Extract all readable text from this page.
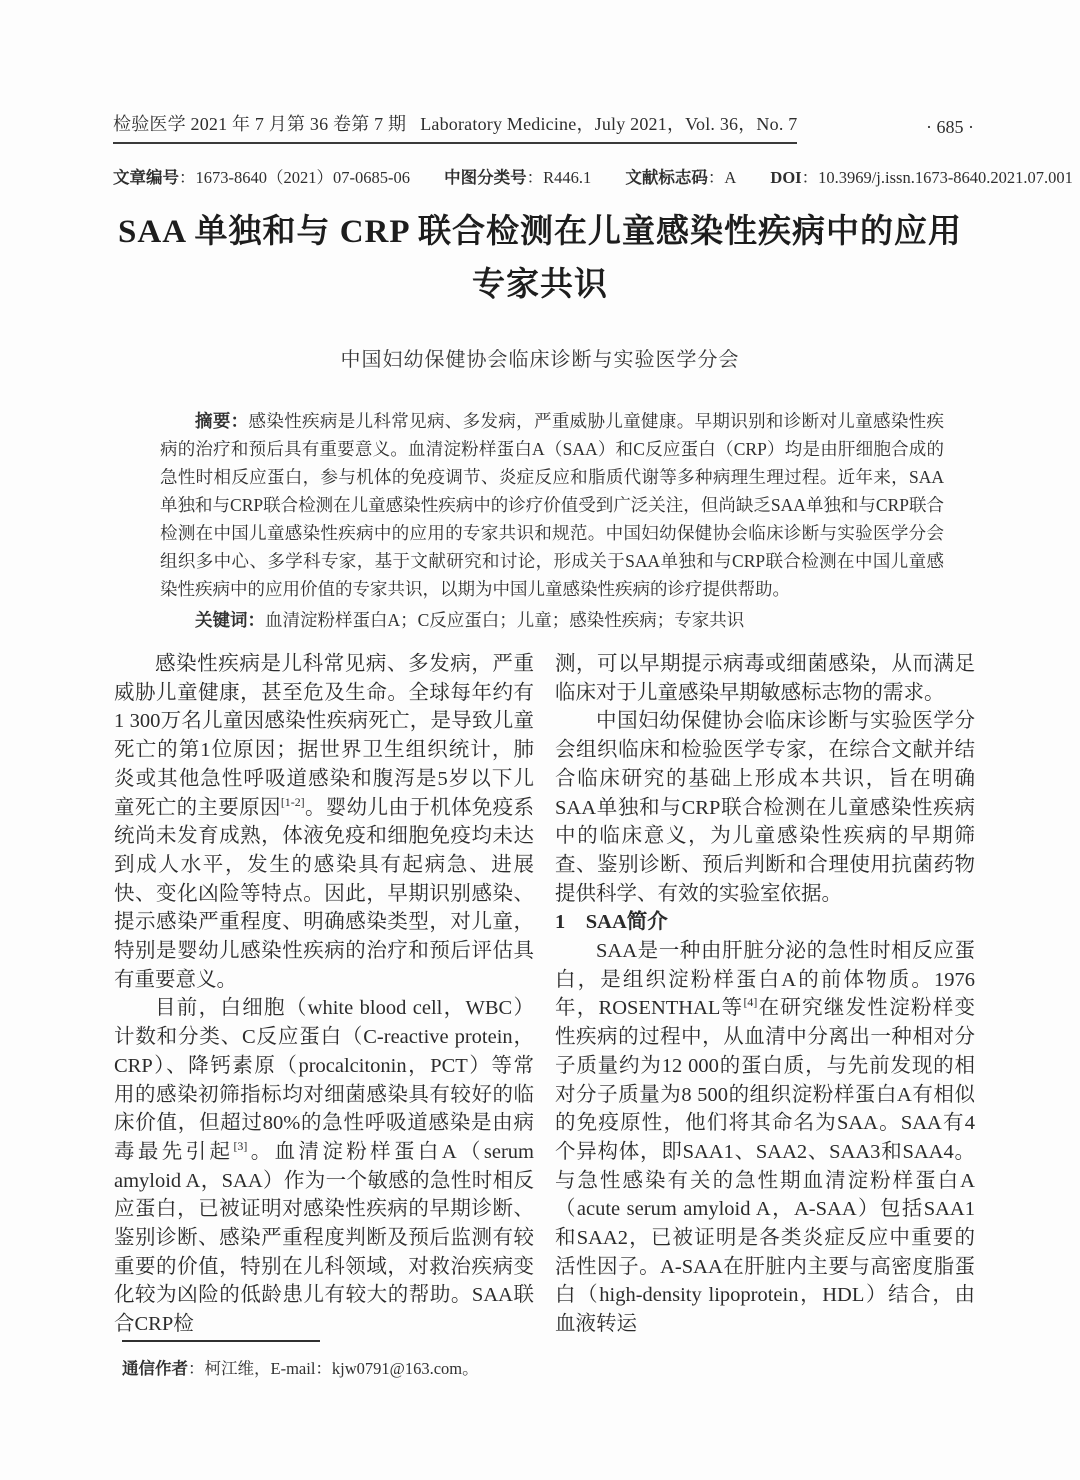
检验医学 2021 年 7 月第 36 卷第 7 期 Laboratory Medicine，July 2021，Vol. 36，No. 7	· 685 ·
文章编号：1673-8640（2021）07-0685-06 中图分类号：R446.1 文献标志码：A DOI：10.3969/j.issn.1673-8640.2021.07.001
SAA 单独和与 CRP 联合检测在儿童感染性疾病中的应用
专家共识
中国妇幼保健协会临床诊断与实验医学分会

摘要：感染性疾病是儿科常见病、多发病，严重威胁儿童健康。早期识别和诊断对儿童感染性疾病的治疗和预后具有重要意义。血清淀粉样蛋白A（SAA）和C反应蛋白（CRP）均是由肝细胞合成的急性时相反应蛋白，参与机体的免疫调节、炎症反应和脂质代谢等多种病理生理过程。近年来，SAA单独和与CRP联合检测在儿童感染性疾病中的诊疗价值受到广泛关注，但尚缺乏SAA单独和与CRP联合检测在中国儿童感染性疾病中的应用的专家共识和规范。中国妇幼保健协会临床诊断与实验医学分会组织多中心、多学科专家，基于文献研究和讨论，形成关于SAA单独和与CRP联合检测在中国儿童感染性疾病中的应用价值的专家共识，以期为中国儿童感染性疾病的诊疗提供帮助。

关键词：血清淀粉样蛋白A；C反应蛋白；儿童；感染性疾病；专家共识

感染性疾病是儿科常见病、多发病，严重威胁儿童健康，甚至危及生命。全球每年约有1 300万名儿童因感染性疾病死亡，是导致儿童死亡的第1位原因；据世界卫生组织统计，肺炎或其他急性呼吸道感染和腹泻是5岁以下儿童死亡的主要原因[1-2]。婴幼儿由于机体免疫系统尚未发育成熟，体液免疫和细胞免疫均未达到成人水平，发生的感染具有起病急、进展快、变化凶险等特点。因此，早期识别感染、提示感染严重程度、明确感染类型，对儿童，特别是婴幼儿感染性疾病的治疗和预后评估具有重要意义。

目前，白细胞（white blood cell，WBC）计数和分类、C反应蛋白（C-reactive protein，CRP）、降钙素原（procalcitonin，PCT）等常用的感染初筛指标均对细菌感染具有较好的临床价值，但超过80%的急性呼吸道感染是由病毒最先引起[3]。血清淀粉样蛋白A（serum amyloid A，SAA）作为一个敏感的急性时相反应蛋白，已被证明对感染性疾病的早期诊断、鉴别诊断、感染严重程度判断及预后监测有较重要的价值，特别在儿科领域，对救治疾病变化较为凶险的低龄患儿有较大的帮助。SAA联合CRP检

测，可以早期提示病毒或细菌感染，从而满足临床对于儿童感染早期敏感标志物的需求。

中国妇幼保健协会临床诊断与实验医学分会组织临床和检验医学专家，在综合文献并结合临床研究的基础上形成本共识，旨在明确SAA单独和与CRP联合检测在儿童感染性疾病中的临床意义，为儿童感染性疾病的早期筛查、鉴别诊断、预后判断和合理使用抗菌药物提供科学、有效的实验室依据。

1　SAA简介

SAA是一种由肝脏分泌的急性时相反应蛋白，是组织淀粉样蛋白A的前体物质。1976年，ROSENTHAL等[4]在研究继发性淀粉样变性疾病的过程中，从血清中分离出一种相对分子质量约为12 000的蛋白质，与先前发现的相对分子质量为8 500的组织淀粉样蛋白A有相似的免疫原性，他们将其命名为SAA。SAA有4个异构体，即SAA1、SAA2、SAA3和SAA4。与急性感染有关的急性期血清淀粉样蛋白A（acute serum amyloid A，A-SAA）包括SAA1和SAA2，已被证明是各类炎症反应中重要的活性因子。A-SAA在肝脏内主要与高密度脂蛋白（high-density lipoprotein，HDL）结合，由血液转运

通信作者：柯江维，E-mail：kjw0791@163.com。
